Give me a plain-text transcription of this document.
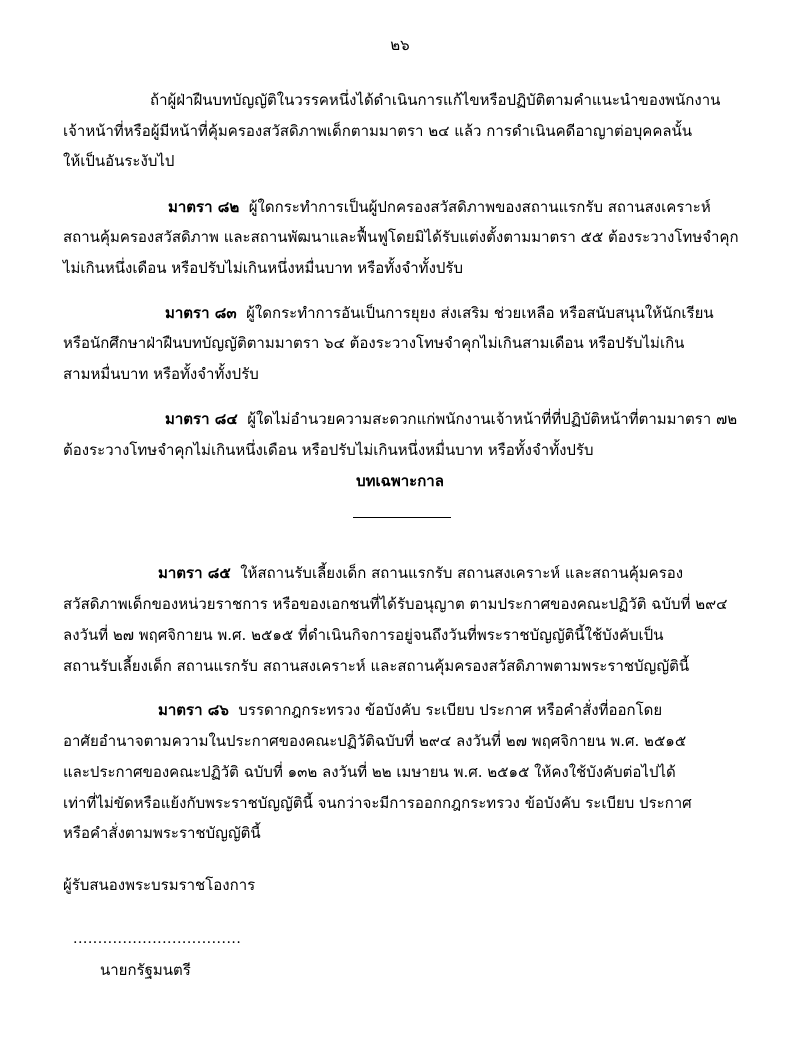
๒๖
ถ้าผู้ฝ่าฝืนบทบัญญัติในวรรคหนึ่งได้ดำเนินการแก้ไขหรือปฏิบัติตามคำแนะนำของพนักงาน
เจ้าหน้าที่หรือผู้มีหน้าที่คุ้มครองสวัสดิภาพเด็กตามมาตรา ๒๔ แล้ว การดำเนินคดีอาญาต่อบุคคลนั้น
ให้เป็นอันระงับไป
มาตรา ๘๒ ผู้ใดกระทำการเป็นผู้ปกครองสวัสดิภาพของสถานแรกรับ สถานสงเคราะห์
สถานคุ้มครองสวัสดิภาพ และสถานพัฒนาและฟื้นฟูโดยมิได้รับแต่งตั้งตามมาตรา ๕๕ ต้องระวางโทษจำคุก
ไม่เกินหนึ่งเดือน หรือปรับไม่เกินหนึ่งหมื่นบาท หรือทั้งจำทั้งปรับ
มาตรา ๘๓ ผู้ใดกระทำการอันเป็นการยุยง ส่งเสริม ช่วยเหลือ หรือสนับสนุนให้นักเรียน
หรือนักศึกษาฝ่าฝืนบทบัญญัติตามมาตรา ๖๔ ต้องระวางโทษจำคุกไม่เกินสามเดือน หรือปรับไม่เกิน
สามหมื่นบาท หรือทั้งจำทั้งปรับ
มาตรา ๘๔ ผู้ใดไม่อำนวยความสะดวกแก่พนักงานเจ้าหน้าที่ที่ปฏิบัติหน้าที่ตามมาตรา ๗๒
ต้องระวางโทษจำคุกไม่เกินหนึ่งเดือน หรือปรับไม่เกินหนึ่งหมื่นบาท หรือทั้งจำทั้งปรับ
บทเฉพาะกาล
มาตรา ๘๕ ให้สถานรับเลี้ยงเด็ก สถานแรกรับ สถานสงเคราะห์ และสถานคุ้มครอง
สวัสดิภาพเด็กของหน่วยราชการ หรือของเอกชนที่ได้รับอนุญาต ตามประกาศของคณะปฏิวัติ ฉบับที่ ๒๙๔
ลงวันที่ ๒๗ พฤศจิกายน พ.ศ. ๒๕๑๕ ที่ดำเนินกิจการอยู่จนถึงวันที่พระราชบัญญัตินี้ใช้บังคับเป็น
สถานรับเลี้ยงเด็ก สถานแรกรับ สถานสงเคราะห์ และสถานคุ้มครองสวัสดิภาพตามพระราชบัญญัตินี้
มาตรา ๘๖ บรรดากฎกระทรวง ข้อบังคับ ระเบียบ ประกาศ หรือคำสั่งที่ออกโดย
อาศัยอำนาจตามความในประกาศของคณะปฏิวัติฉบับที่ ๒๙๔ ลงวันที่ ๒๗ พฤศจิกายน พ.ศ. ๒๕๑๕
และประกาศของคณะปฏิวัติ ฉบับที่ ๑๓๒ ลงวันที่ ๒๒ เมษายน พ.ศ. ๒๕๑๕ ให้คงใช้บังคับต่อไปได้
เท่าที่ไม่ขัดหรือแย้งกับพระราชบัญญัตินี้ จนกว่าจะมีการออกกฎกระทรวง ข้อบังคับ ระเบียบ ประกาศ
หรือคำสั่งตามพระราชบัญญัตินี้
ผู้รับสนองพระบรมราชโองการ
..................................
นายกรัฐมนตรี
